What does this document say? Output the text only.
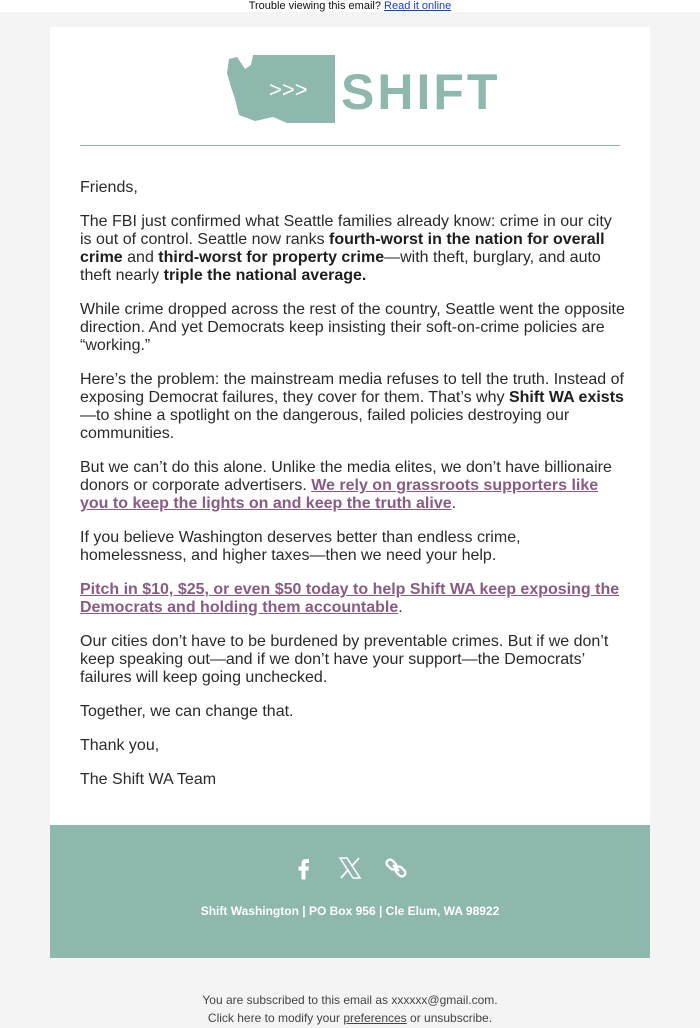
Trouble viewing this email? Read it online
>>> SHIFT

Friends,

The FBI just confirmed what Seattle families already know: crime in our city is out of control. Seattle now ranks fourth-worst in the nation for overall crime and third-worst for property crime—with theft, burglary, and auto theft nearly triple the national average.

While crime dropped across the rest of the country, Seattle went the opposite direction. And yet Democrats keep insisting their soft-on-crime policies are “working.”

Here’s the problem: the mainstream media refuses to tell the truth. Instead of exposing Democrat failures, they cover for them. That’s why Shift WA exists—to shine a spotlight on the dangerous, failed policies destroying our communities.

But we can’t do this alone. Unlike the media elites, we don’t have billionaire donors or corporate advertisers. We rely on grassroots supporters like you to keep the lights on and keep the truth alive.

If you believe Washington deserves better than endless crime, homelessness, and higher taxes—then we need your help.

Pitch in $10, $25, or even $50 today to help Shift WA keep exposing the Democrats and holding them accountable.

Our cities don’t have to be burdened by preventable crimes. But if we don’t keep speaking out—and if we don’t have your support—the Democrats’ failures will keep going unchecked.

Together, we can change that.

Thank you,

The Shift WA Team

Shift Washington | PO Box 956 | Cle Elum, WA 98922
You are subscribed to this email as xxxxxx@gmail.com.
Click here to modify your preferences or unsubscribe.
